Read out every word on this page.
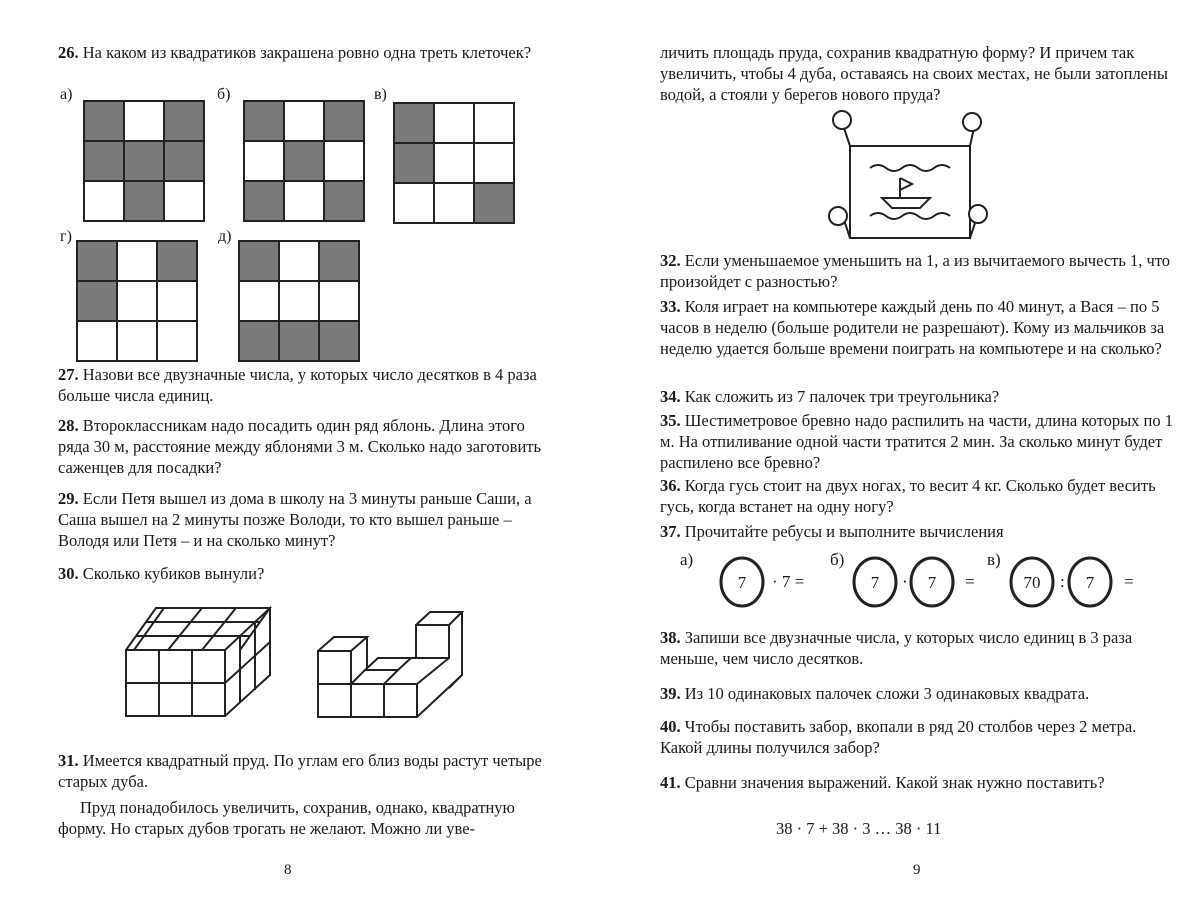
26. На каком из квадратиков закрашена ровно одна треть клеточек?

а)	б)	в)
г)	д)

27. Назови все двузначные числа, у которых число десятков в 4 раза больше числа единиц.

28. Второклассникам надо посадить один ряд яблонь. Длина этого ряда 30 м, расстояние между яблонями 3 м. Сколько надо заготовить саженцев для посадки?

29. Если Петя вышел из дома в школу на 3 минуты раньше Саши, а Саша вышел на 2 минуты позже Володи, то кто вышел раньше – Володя или Петя – и на сколько минут?

30. Сколько кубиков вынули?

31. Имеется квадратный пруд. По углам его близ воды растут четыре старых дуба.

Пруд понадобилось увеличить, сохранив, однако, квадратную форму. Но старых дубов трогать не желают. Можно ли уве-

8

личить площадь пруда, сохранив квадратную форму? И причем так увеличить, чтобы 4 дуба, оставаясь на своих местах, не были затоплены водой, а стояли у берегов нового пруда?

32. Если уменьшаемое уменьшить на 1, а из вычитаемого вычесть 1, что произойдет с разностью?

33. Коля играет на компьютере каждый день по 40 минут, а Вася – по 5 часов в неделю (больше родители не разрешают). Кому из мальчиков за неделю удается больше времени поиграть на компьютере и на сколько?

34. Как сложить из 7 палочек три треугольника?

35. Шестиметровое бревно надо распилить на части, длина которых по 1 м. На отпиливание одной части тратится 2 мин. За сколько минут будет распилено все бревно?

36. Когда гусь стоит на двух ногах, то весит 4 кг. Сколько будет весить гусь, когда встанет на одну ногу?

37. Прочитайте ребусы и выполните вычисления

а)
7 · 7 =
б)
7 · 7 =
в)
70 : 7 =

38. Запиши все двузначные числа, у которых число единиц в 3 раза меньше, чем число десятков.

39. Из 10 одинаковых палочек сложи 3 одинаковых квадрата.

40. Чтобы поставить забор, вкопали в ряд 20 столбов через 2 метра. Какой длины получился забор?

41. Сравни значения выражений. Какой знак нужно поставить?

38 · 7 + 38 · 3 … 38 · 11

9
